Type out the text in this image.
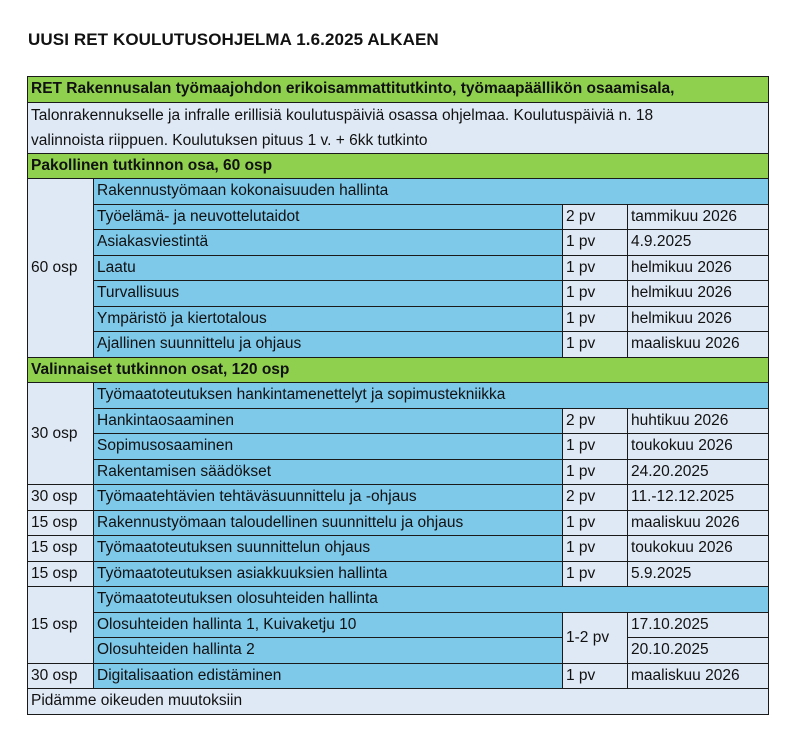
UUSI RET KOULUTUSOHJELMA 1.6.2025 ALKAEN
RET Rakennusalan työmaajohdon erikoisammattitutkinto, työmaapäällikön osaamisala,			

Talonrakennukselle ja infralle erillisiä koulutuspäiviä osassa ohjelmaa. Koulutuspäiviä n. 18
valinnoista riippuen. Koulutuksen pituus 1 v. + 6kk tutkinto			

Pakollinen tutkinnon osa, 60 osp			
60 osp	Rakennustyömaan kokonaisuuden hallinta		
	Työelämä- ja neuvottelutaidot	2 pv	tammikuu 2026
	Asiakasviestintä	1 pv	4.9.2025
	Laatu	1 pv	helmikuu 2026
	Turvallisuus	1 pv	helmikuu 2026
	Ympäristö ja kiertotalous	1 pv	helmikuu 2026
	Ajallinen suunnittelu ja ohjaus	1 pv	maaliskuu 2026
Valinnaiset tutkinnon osat, 120 osp			
30 osp	Työmaatoteutuksen hankintamenettelyt ja sopimustekniikka		
	Hankintaosaaminen	2 pv	huhtikuu 2026
	Sopimusosaaminen	1 pv	toukokuu 2026
	Rakentamisen säädökset	1 pv	24.20.2025
30 osp	Työmaatehtävien tehtäväsuunnittelu ja -ohjaus	2 pv	11.-12.12.2025
15 osp	Rakennustyömaan taloudellinen suunnittelu ja ohjaus	1 pv	maaliskuu 2026
15 osp	Työmaatoteutuksen suunnittelun ohjaus	1 pv	toukokuu 2026
15 osp	Työmaatoteutuksen asiakkuuksien hallinta	1 pv	5.9.2025
15 osp	Työmaatoteutuksen olosuhteiden hallinta		
	Olosuhteiden hallinta 1, Kuivaketju 10	1-2 pv	17.10.2025
	Olosuhteiden hallinta 2		20.10.2025
30 osp	Digitalisaation edistäminen	1 pv	maaliskuu 2026
Pidämme oikeuden muutoksiin			
